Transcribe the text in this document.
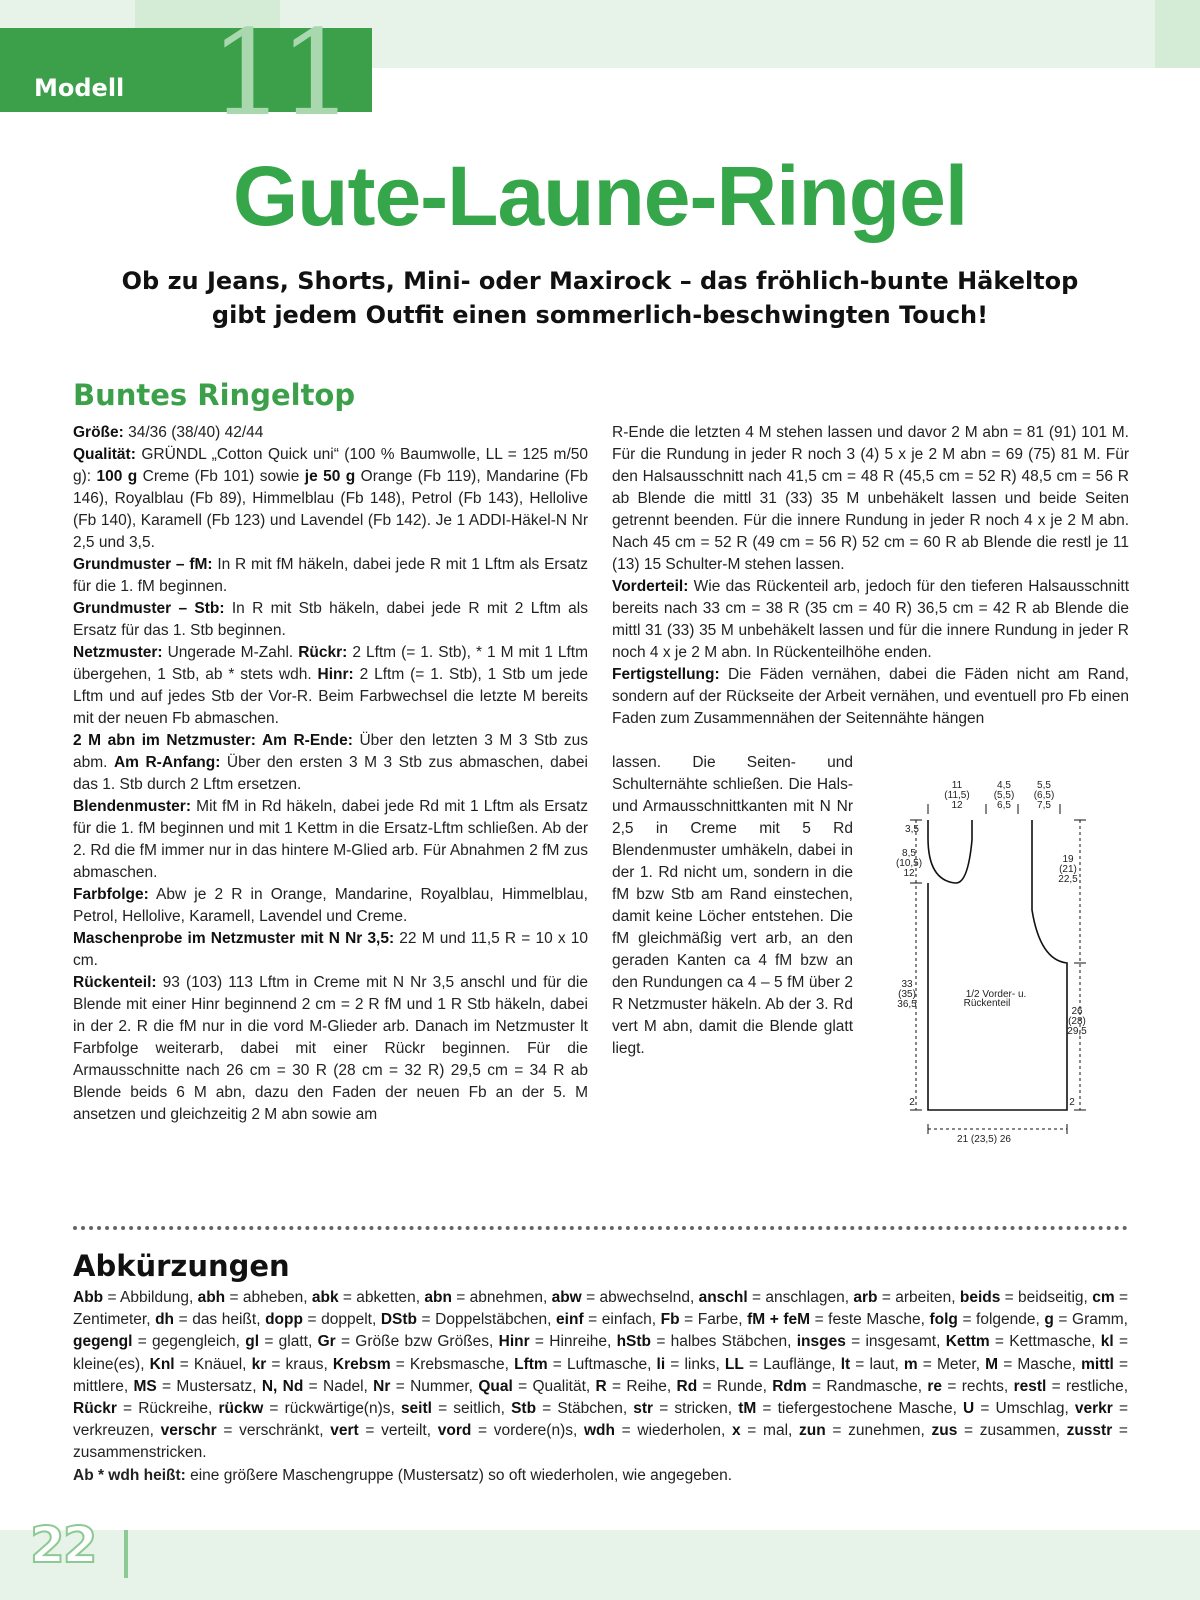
Modell 11
Gute-Laune-Ringel
Ob zu Jeans, Shorts, Mini- oder Maxirock – das fröhlich-bunte Häkeltop
gibt jedem Outfit einen sommerlich-beschwingten Touch!
Buntes Ringeltop

Größe: 34/36 (38/40) 42/44

Qualität: GRÜNDL „Cotton Quick uni“ (100 % Baumwolle, LL = 125 m/50 g): 100 g Creme (Fb 101) sowie je 50 g Orange (Fb 119), Mandarine (Fb 146), Royalblau (Fb 89), Himmelblau (Fb 148), Petrol (Fb 143), Hellolive (Fb 140), Karamell (Fb 123) und Lavendel (Fb 142). Je 1 ADDI-Häkel-N Nr 2,5 und 3,5.

Grundmuster – fM: In R mit fM häkeln, dabei jede R mit 1 Lftm als Ersatz für die 1. fM beginnen.

Grundmuster – Stb: In R mit Stb häkeln, dabei jede R mit 2 Lftm als Ersatz für das 1. Stb beginnen.

Netzmuster: Ungerade M-Zahl. Rückr: 2 Lftm (= 1. Stb), * 1 M mit 1 Lftm übergehen, 1 Stb, ab * stets wdh. Hinr: 2 Lftm (= 1. Stb), 1 Stb um jede Lftm und auf jedes Stb der Vor-R. Beim Farbwechsel die letzte M bereits mit der neuen Fb abmaschen.

2 M abn im Netzmuster: Am R-Ende: Über den letzten 3 M 3 Stb zus abm. Am R-Anfang: Über den ersten 3 M 3 Stb zus abmaschen, dabei das 1. Stb durch 2 Lftm ersetzen.

Blendenmuster: Mit fM in Rd häkeln, dabei jede Rd mit 1 Lftm als Ersatz für die 1. fM beginnen und mit 1 Kettm in die Ersatz-Lftm schließen. Ab der 2. Rd die fM immer nur in das hintere M-Glied arb. Für Abnahmen 2 fM zus abmaschen.

Farbfolge: Abw je 2 R in Orange, Mandarine, Royalblau, Himmelblau, Petrol, Hellolive, Karamell, Lavendel und Creme.

Maschenprobe im Netzmuster mit N Nr 3,5: 22 M und 11,5 R = 10 x 10 cm.

Rückenteil: 93 (103) 113 Lftm in Creme mit N Nr 3,5 anschl und für die Blende mit einer Hinr beginnend 2 cm = 2 R fM und 1 R Stb häkeln, dabei in der 2. R die fM nur in die vord M-Glieder arb. Danach im Netzmuster lt Farbfolge weiterarb, dabei mit einer Rückr beginnen. Für die Armausschnitte nach 26 cm = 30 R (28 cm = 32 R) 29,5 cm = 34 R ab Blende beids 6 M abn, dazu den Faden der neuen Fb an der 5. M ansetzen und gleichzeitig 2 M abn sowie am

R-Ende die letzten 4 M stehen lassen und davor 2 M abn = 81 (91) 101 M. Für die Rundung in jeder R noch 3 (4) 5 x je 2 M abn = 69 (75) 81 M. Für den Halsausschnitt nach 41,5 cm = 48 R (45,5 cm = 52 R) 48,5 cm = 56 R ab Blende die mittl 31 (33) 35 M unbehäkelt lassen und beide Seiten getrennt beenden. Für die innere Rundung in jeder R noch 4 x je 2 M abn. Nach 45 cm = 52 R (49 cm = 56 R) 52 cm = 60 R ab Blende die restl je 11 (13) 15 Schulter-M stehen lassen.

Vorderteil: Wie das Rückenteil arb, jedoch für den tieferen Halsausschnitt bereits nach 33 cm = 38 R (35 cm = 40 R) 36,5 cm = 42 R ab Blende die mittl 31 (33) 35 M unbehäkelt lassen und für die innere Rundung in jeder R noch 4 x je 2 M abn. In Rückenteilhöhe enden.

Fertigstellung: Die Fäden vernähen, dabei die Fäden nicht am Rand, sondern auf der Rückseite der Arbeit vernähen, und eventuell pro Fb einen Faden zum Zusammennähen der Seitennähte hängen

lassen. Die Seiten- und Schulternähte schließen. Die Hals- und Armausschnittkanten mit N Nr 2,5 in Creme mit 5 Rd Blendenmuster umhäkeln, dabei in der 1. Rd nicht um, sondern in die fM bzw Stb am Rand einstechen, damit keine Löcher entstehen. Die fM gleichmäßig vert arb, an den geraden Kanten ca 4 fM bzw an den Rundungen ca 4 – 5 fM über 2 R Netzmuster häkeln. Ab der 3. Rd vert M abn, damit die Blende glatt liegt.

11
(11,5)
12
4,5
(5,5)
6,5
5,5
(6,5)
7,5
3,5
8,5
(10,5)
12
19
(21)
22,5
33
(35)
36,5
1/2 Vorder- u.
Rückenteil
26
(28)
29,5
2	2
21 (23,5) 26
Abkürzungen
Abb = Abbildung, abh = abheben, abk = abketten, abn = abnehmen, abw = abwechselnd, anschl = anschlagen, arb = arbeiten, beids = beidseitig, cm = Zentimeter, dh = das heißt, dopp = doppelt, DStb = Doppelstäbchen, einf = einfach, Fb = Farbe, fM + feM = feste Masche, folg = folgende, g = Gramm, gegengl = gegengleich, gl = glatt, Gr = Größe bzw Größes, Hinr = Hinreihe, hStb = halbes Stäbchen, insges = insgesamt, Kettm = Kettmasche, kl = kleine(es), Knl = Knäuel, kr = kraus, Krebsm = Krebsmasche, Lftm = Luftmasche, li = links, LL = Lauflänge, lt = laut, m = Meter, M = Masche, mittl = mittlere, MS = Mustersatz, N, Nd = Nadel, Nr = Nummer, Qual = Qualität, R = Reihe, Rd = Runde, Rdm = Randmasche, re = rechts, restl = restliche, Rückr = Rückreihe, rückw = rückwärtige(n)s, seitl = seitlich, Stb = Stäbchen, str = stricken, tM = tiefergestochene Masche, U = Umschlag, verkr = verkreuzen, verschr = verschränkt, vert = verteilt, vord = vordere(n)s, wdh = wiederholen, x = mal, zun = zunehmen, zus = zusammen, zusstr = zusammenstricken.
Ab * wdh heißt: eine größere Maschengruppe (Mustersatz) so oft wiederholen, wie angegeben.
22
